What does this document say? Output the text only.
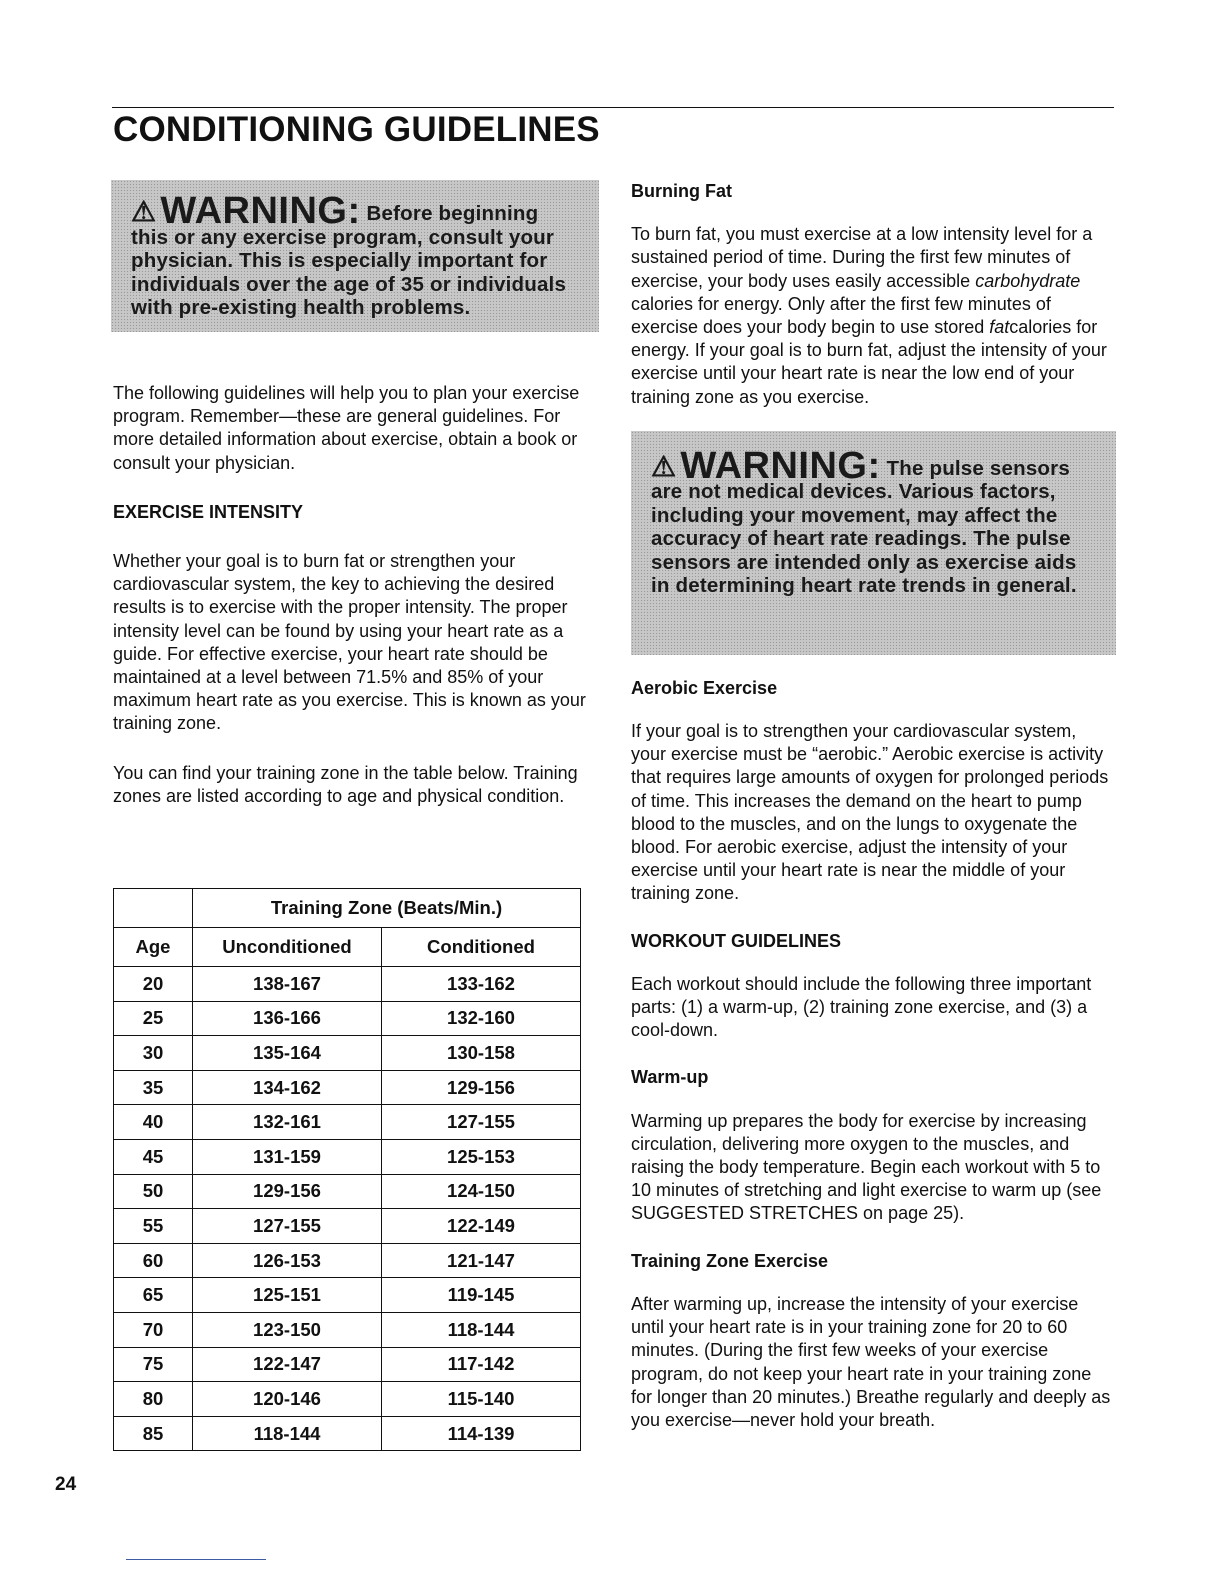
CONDITIONING GUIDELINES
⚠ WARNING: Before beginning this or any exercise program, consult your physician. This is especially important for individuals over the age of 35 or individuals with pre-existing health problems.

The following guidelines will help you to plan your exercise program. Remember—these are general guidelines. For more detailed information about exercise, obtain a book or consult your physician.

EXERCISE INTENSITY

Whether your goal is to burn fat or strengthen your cardiovascular system, the key to achieving the desired results is to exercise with the proper intensity. The proper intensity level can be found by using your heart rate as a guide. For effective exercise, your heart rate should be maintained at a level between 71.5% and 85% of your maximum heart rate as you exercise. This is known as your training zone.

You can find your training zone in the table below. Training zones are listed according to age and physical condition.

	Training Zone (Beats/Min.)	
Age	Unconditioned	Conditioned
20	138-167	133-162
25	136-166	132-160
30	135-164	130-158
35	134-162	129-156
40	132-161	127-155
45	131-159	125-153
50	129-156	124-150
55	127-155	122-149
60	126-153	121-147
65	125-151	119-145
70	123-150	118-144
75	122-147	117-142
80	120-146	115-140
85	118-144	114-139

Burning Fat

To burn fat, you must exercise at a low intensity level for a sustained period of time. During the first few minutes of exercise, your body uses easily accessible carbohydrate calories for energy. Only after the first few minutes of exercise does your body begin to use stored fatcalories for energy. If your goal is to burn fat, adjust the intensity of your exercise until your heart rate is near the low end of your training zone as you exercise.

⚠ WARNING: The pulse sensors are not medical devices. Various factors, including your movement, may affect the accuracy of heart rate readings. The pulse sensors are intended only as exercise aids in determining heart rate trends in general.

Aerobic Exercise

If your goal is to strengthen your cardiovascular system, your exercise must be “aerobic.” Aerobic exercise is activity that requires large amounts of oxygen for prolonged periods of time. This increases the demand on the heart to pump blood to the muscles, and on the lungs to oxygenate the blood. For aerobic exercise, adjust the intensity of your exercise until your heart rate is near the middle of your training zone.

WORKOUT GUIDELINES

Each workout should include the following three important parts: (1) a warm-up, (2) training zone exercise, and (3) a cool-down.

Warm-up

Warming up prepares the body for exercise by increasing circulation, delivering more oxygen to the muscles, and raising the body temperature. Begin each workout with 5 to 10 minutes of stretching and light exercise to warm up (see SUGGESTED STRETCHES on page 25).

Training Zone Exercise

After warming up, increase the intensity of your exercise until your heart rate is in your training zone for 20 to 60 minutes. (During the first few weeks of your exercise program, do not keep your heart rate in your training zone for longer than 20 minutes.) Breathe regularly and deeply as you exercise—never hold your breath.

24
